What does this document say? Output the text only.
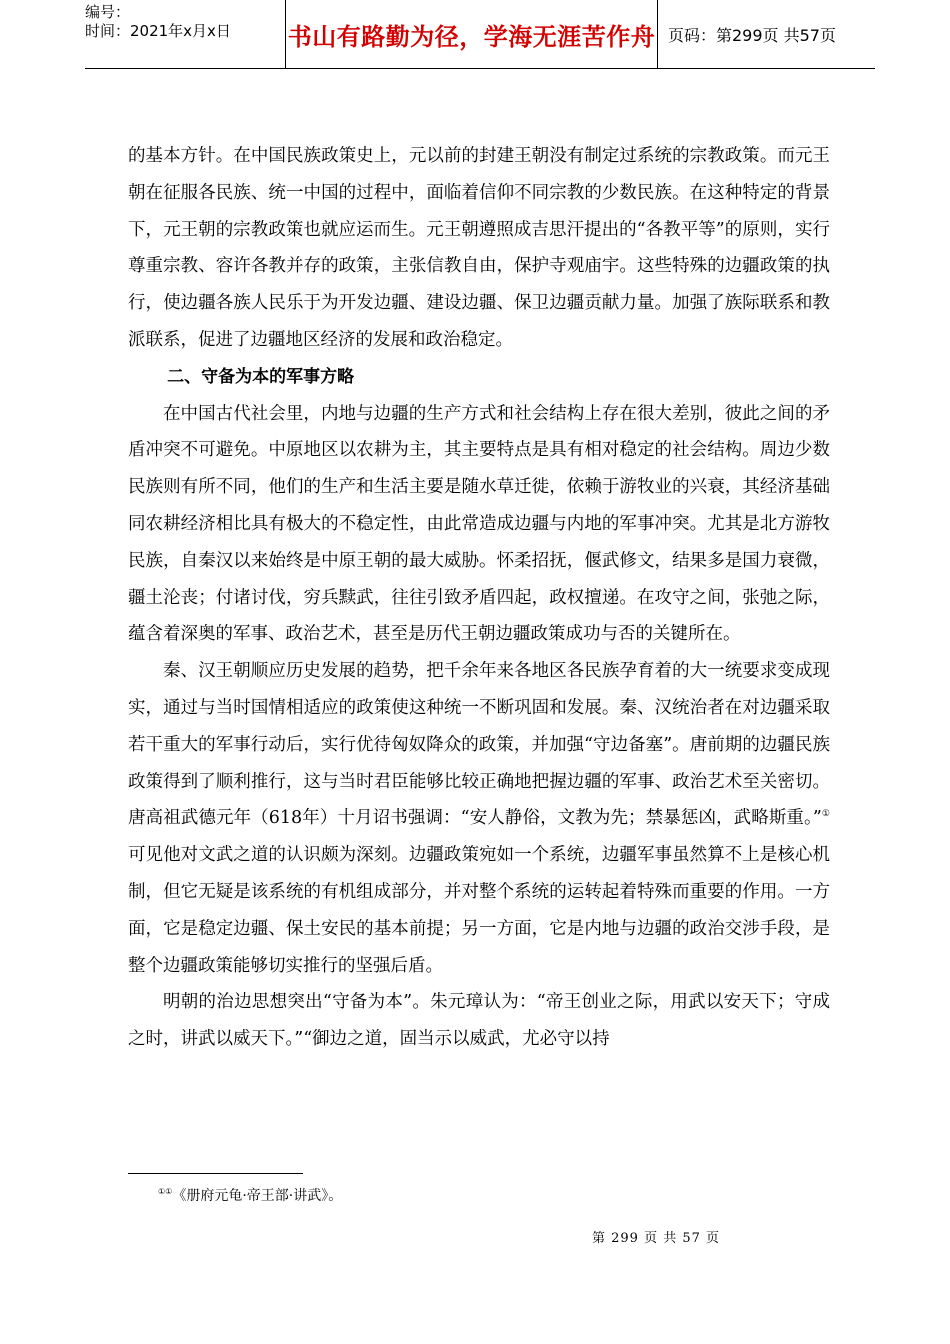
编号：
时间：2021年x月x日	书山有路勤为径，学海无涯苦作舟 页码：第299页 共57页

的基本方针。在中国民族政策史上，元以前的封建王朝没有制定过系统的宗教政策。而元王朝在征服各民族、统一中国的过程中，面临着信仰不同宗教的少数民族。在这种特定的背景下，元王朝的宗教政策也就应运而生。元王朝遵照成吉思汗提出的“各教平等”的原则，实行尊重宗教、容许各教并存的政策，主张信教自由，保护寺观庙宇。这些特殊的边疆政策的执行，使边疆各族人民乐于为开发边疆、建设边疆、保卫边疆贡献力量。加强了族际联系和教派联系，促进了边疆地区经济的发展和政治稳定。

二、守备为本的军事方略

在中国古代社会里，内地与边疆的生产方式和社会结构上存在很大差别，彼此之间的矛盾冲突不可避免。中原地区以农耕为主，其主要特点是具有相对稳定的社会结构。周边少数民族则有所不同，他们的生产和生活主要是随水草迁徙，依赖于游牧业的兴衰，其经济基础同农耕经济相比具有极大的不稳定性，由此常造成边疆与内地的军事冲突。尤其是北方游牧民族，自秦汉以来始终是中原王朝的最大威胁。怀柔招抚，偃武修文，结果多是国力衰微，疆土沦丧；付诸讨伐，穷兵黩武，往往引致矛盾四起，政权擅递。在攻守之间，张弛之际，蕴含着深奥的军事、政治艺术，甚至是历代王朝边疆政策成功与否的关键所在。

秦、汉王朝顺应历史发展的趋势，把千余年来各地区各民族孕育着的大一统要求变成现实，通过与当时国情相适应的政策使这种统一不断巩固和发展。秦、汉统治者在对边疆采取若干重大的军事行动后，实行优待匈奴降众的政策，并加强“守边备塞”。唐前期的边疆民族政策得到了顺利推行，这与当时君臣能够比较正确地把握边疆的军事、政治艺术至关密切。唐高祖武德元年（618年）十月诏书强调：“安人静俗，文教为先；禁暴惩凶，武略斯重。”①可见他对文武之道的认识颇为深刻。边疆政策宛如一个系统，边疆军事虽然算不上是核心机制，但它无疑是该系统的有机组成部分，并对整个系统的运转起着特殊而重要的作用。一方面，它是稳定边疆、保土安民的基本前提；另一方面，它是内地与边疆的政治交涉手段，是整个边疆政策能够切实推行的坚强后盾。

明朝的治边思想突出“守备为本”。朱元璋认为：“帝王创业之际，用武以安天下；守成之时，讲武以威天下。”“御边之道，固当示以威武，尤必守以持

①①《册府元龟·帝王部·讲武》。
第 299 页 共 57 页
